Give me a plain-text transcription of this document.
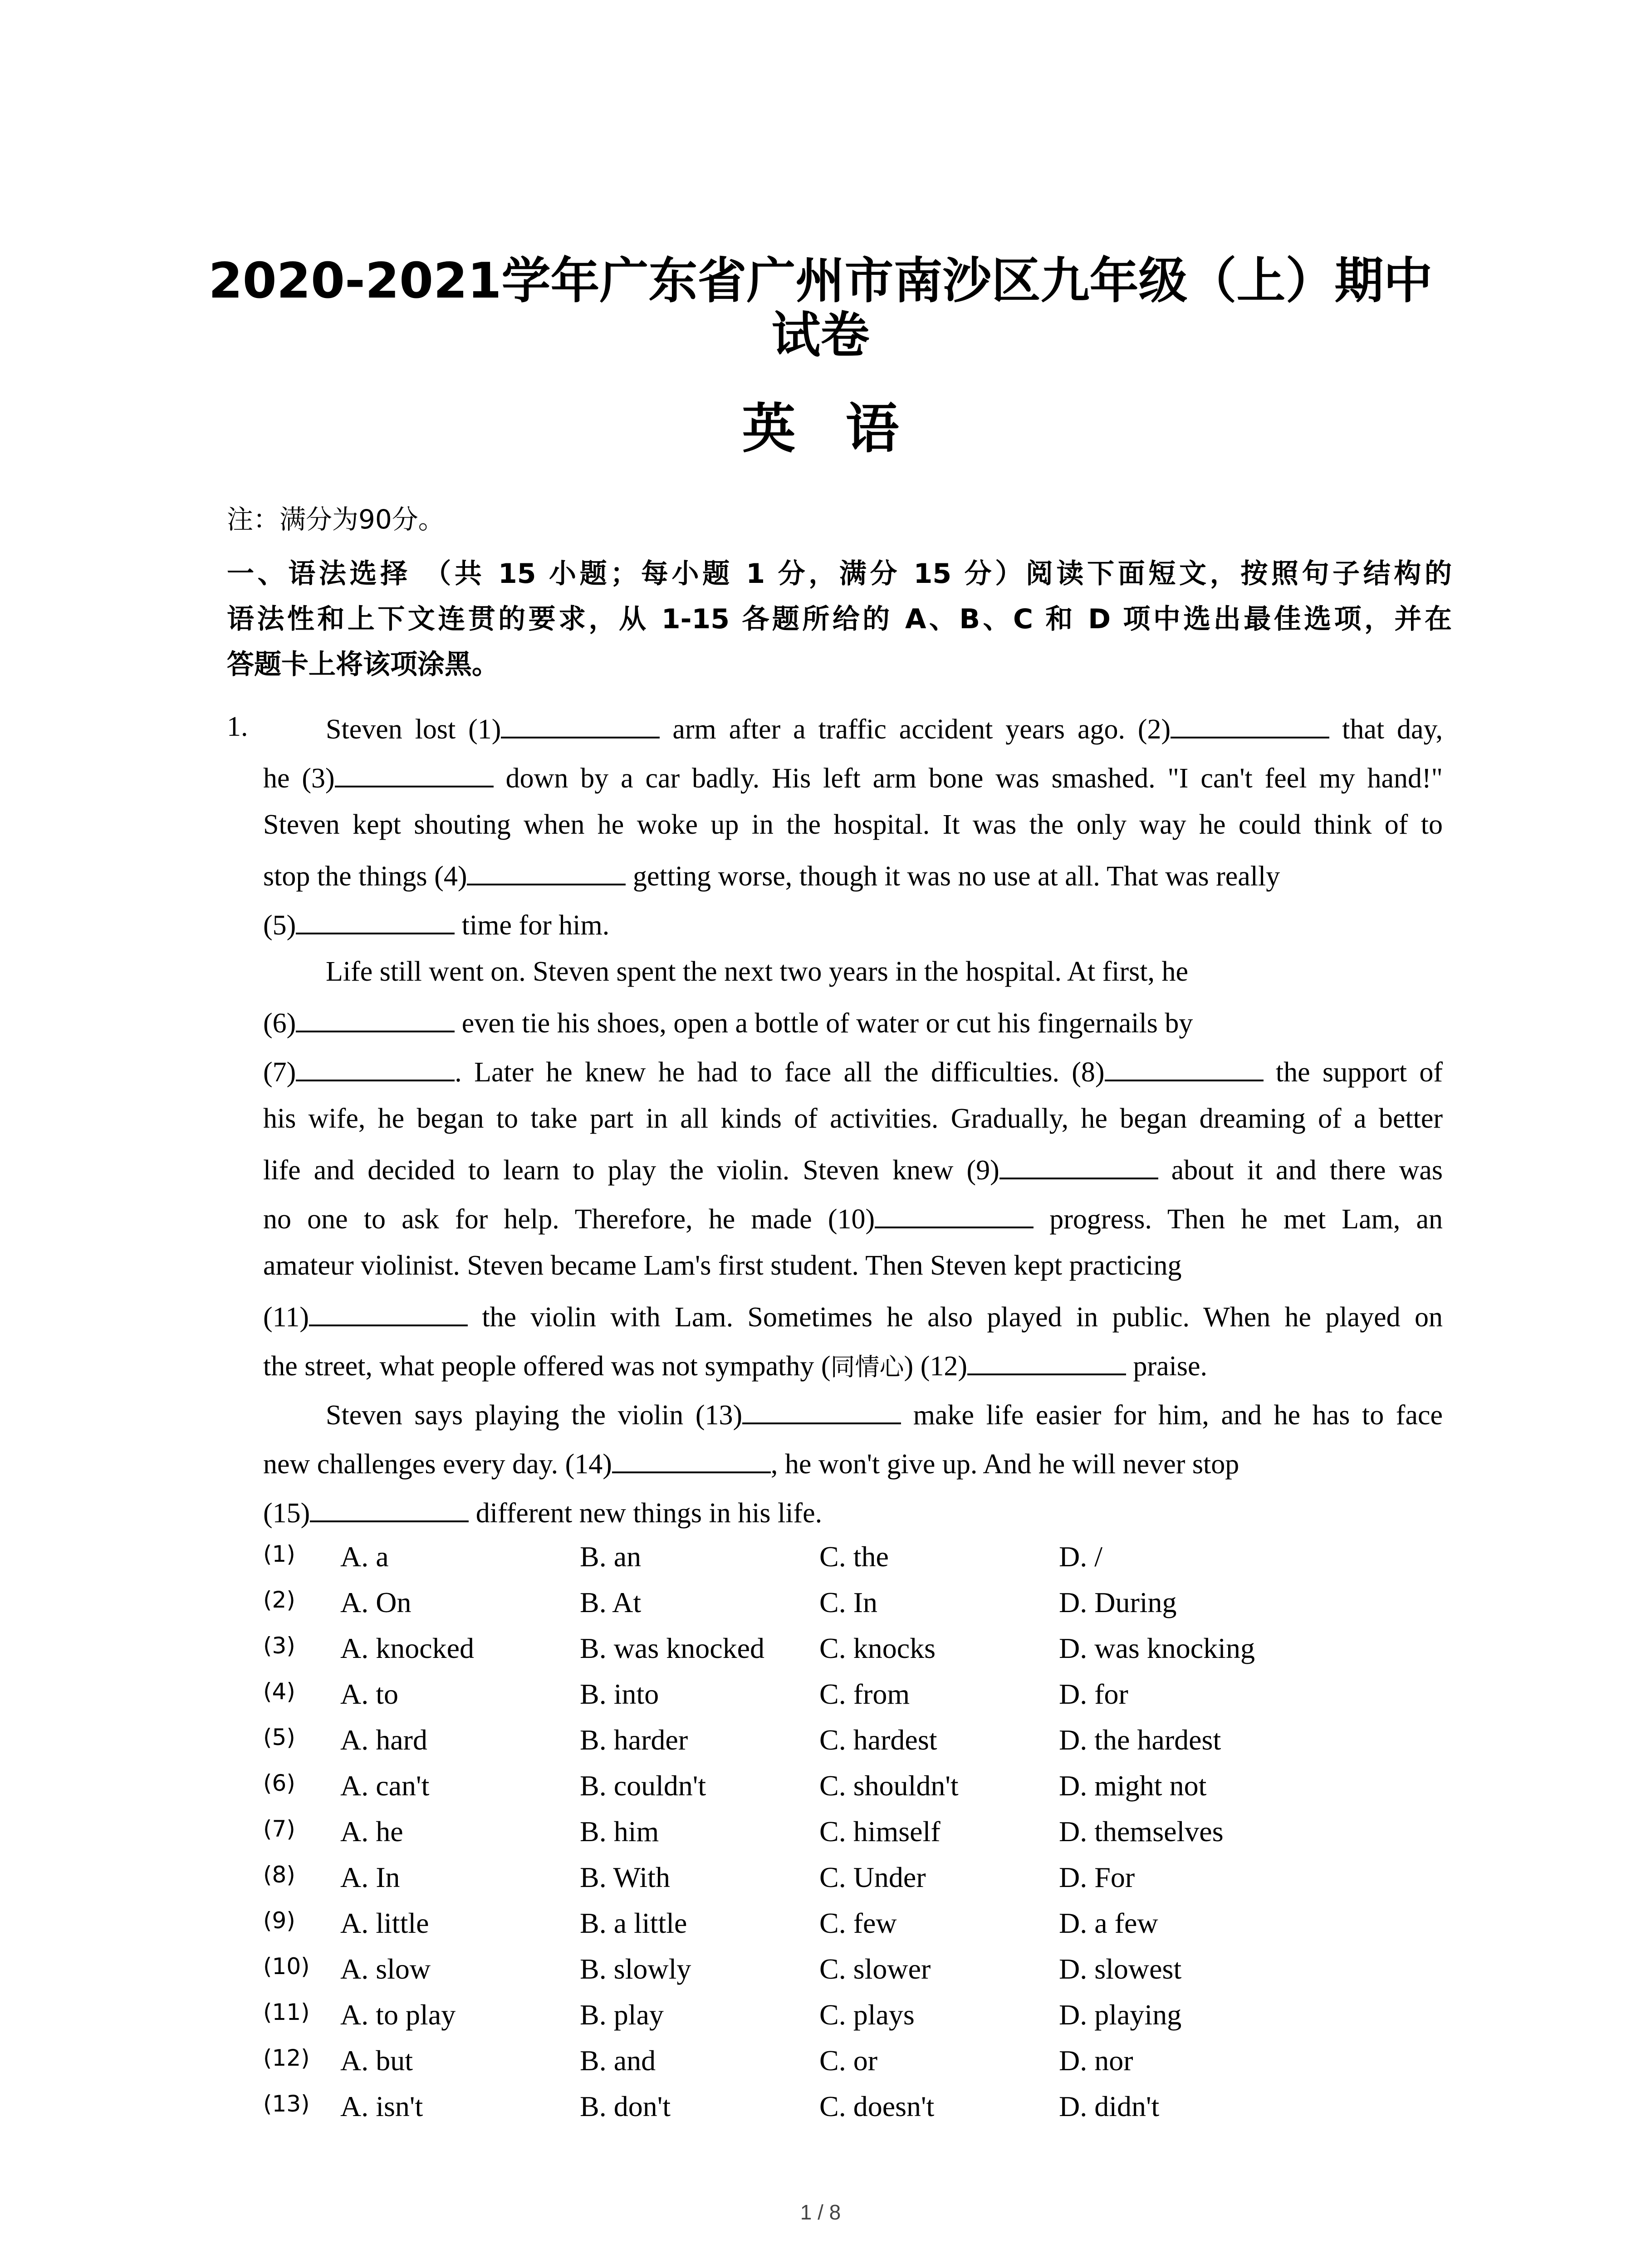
2020-2021学年广东省广州市南沙区九年级（上）期中
试卷
英语
注：满分为90分。
一、语法选择 （共 15 小题；每小题 1 分，满分 15 分）阅读下面短文，按照句子结构的
语法性和上下文连贯的要求，从 1-15 各题所给的 A、B、C 和 D 项中选出最佳选项，并在
答题卡上将该项涂黑。
1.	Steven lost (1)	arm after a traffic accident years ago. (2)	that day,
he (3)	down by a car badly. His left arm bone was smashed. "I can't feel my hand!"
Steven kept shouting when he woke up in the hospital. It was the only way he could think of to
stop the things (4)	getting worse, though it was no use at all. That was really
(5)	time for him.
Life still went on. Steven spent the next two years in the hospital. At first, he
(6)	even tie his shoes, open a bottle of water or cut his fingernails by
(7)	. Later he knew he had to face all the difficulties. (8)	the support of
his wife, he began to take part in all kinds of activities. Gradually, he began dreaming of a better
life and decided to learn to play the violin. Steven knew (9)	about it and there was
no one to ask for help. Therefore, he made (10)	progress. Then he met Lam, an
amateur violinist. Steven became Lam's first student. Then Steven kept practicing
(11)	the violin with Lam. Sometimes he also played in public. When he played on
the street, what people offered was not sympathy (同情心) (12)	praise.
Steven says playing the violin (13)	make life easier for him, and he has to face
new challenges every day. (14)	, he won't give up. And he will never stop
(15)	different new things in his life.
(1) A. a	B. an	C. the	D. /
(2) A. On	B. At	C. In	D. During
(3) A. knocked	B. was knocked C. knocks	D. was knocking
(4) A. to	B. into	C. from	D. for
(5) A. hard	B. harder	C. hardest	D. the hardest
(6) A. can't	B. couldn't	C. shouldn't	D. might not
(7) A. he	B. him	C. himself	D. themselves
(8) A. In	B. With	C. Under	D. For
(9) A. little	B. a little	C. few	D. a few
(10) A. slow	B. slowly	C. slower	D. slowest
(11) A. to play	B. play	C. plays	D. playing
(12) A. but	B. and	C. or	D. nor
(13) A. isn't	B. don't	C. doesn't	D. didn't
1 / 8
